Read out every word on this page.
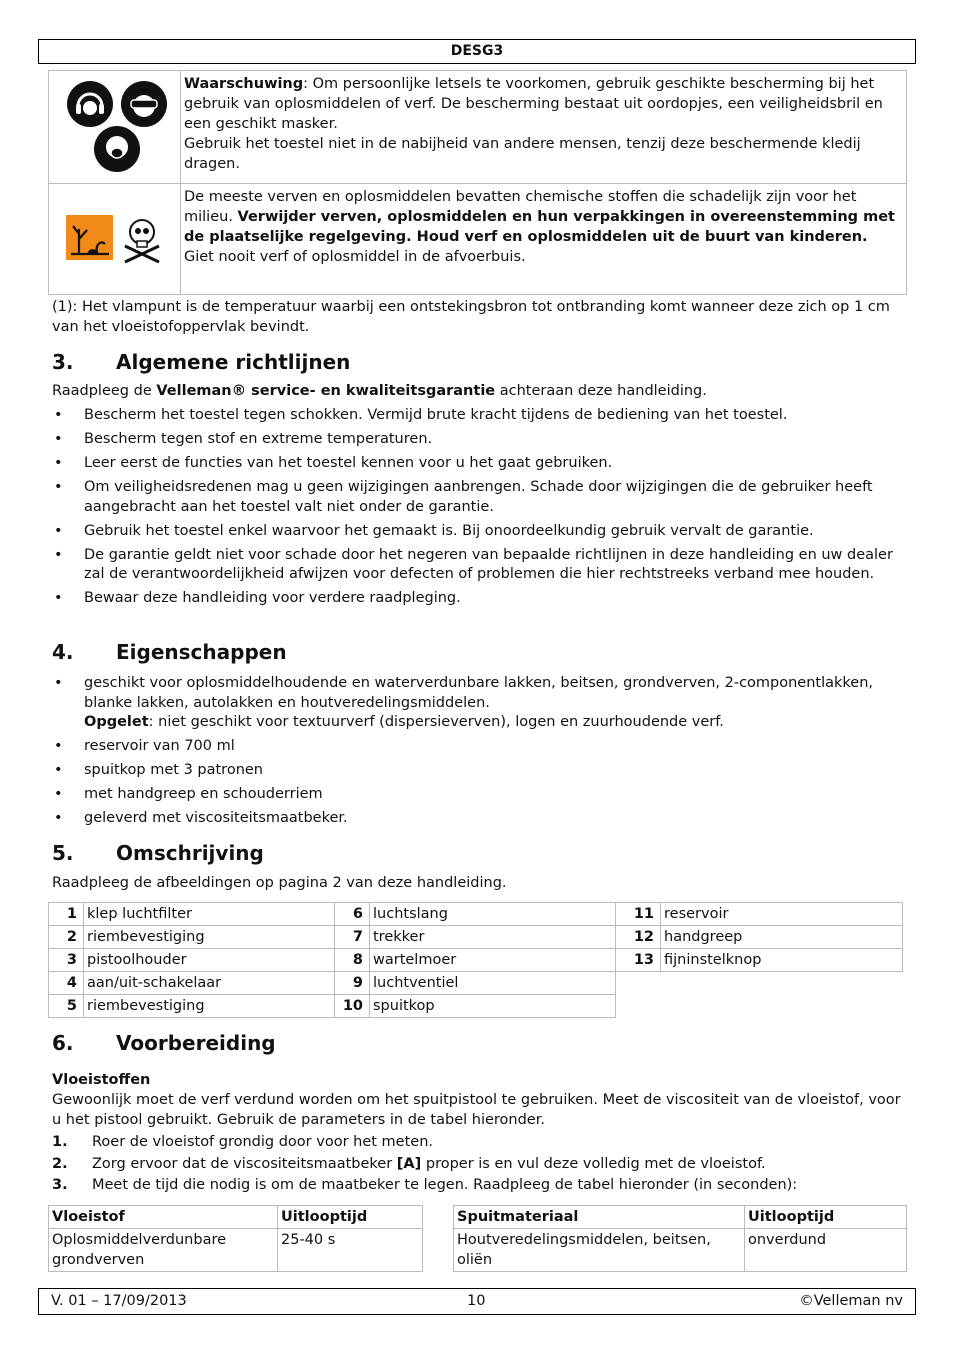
DESG3
	Waarschuwing: Om persoonlijke letsels te voorkomen, gebruik geschikte bescherming bij het gebruik van oplosmiddelen of verf. De bescherming bestaat uit oordopjes, een veiligheidsbril en een geschikt masker.
Gebruik het toestel niet in de nabijheid van andere mensen, tenzij deze beschermende kledij dragen.
	De meeste verven en oplosmiddelen bevatten chemische stoffen die schadelijk zijn voor het milieu. Verwijder verven, oplosmiddelen en hun verpakkingen in overeenstemming met de plaatselijke regelgeving. Houd verf en oplosmiddelen uit de buurt van kinderen.
Giet nooit verf of oplosmiddel in de afvoerbuis.

(1): Het vlampunt is de temperatuur waarbij een ontstekingsbron tot ontbranding komt wanneer deze zich op 1 cm van het vloeistofoppervlak bevindt.

3. Algemene richtlijnen

Raadpleeg de Velleman® service- en kwaliteitsgarantie achteraan deze handleiding.

• Bescherm het toestel tegen schokken. Vermijd brute kracht tijdens de bediening van het toestel.
• Bescherm tegen stof en extreme temperaturen.
• Leer eerst de functies van het toestel kennen voor u het gaat gebruiken.
• Om veiligheidsredenen mag u geen wijzigingen aanbrengen. Schade door wijzigingen die de gebruiker heeft aangebracht aan het toestel valt niet onder de garantie.
• Gebruik het toestel enkel waarvoor het gemaakt is. Bij onoordeelkundig gebruik vervalt de garantie.
• De garantie geldt niet voor schade door het negeren van bepaalde richtlijnen in deze handleiding en uw dealer zal de verantwoordelijkheid afwijzen voor defecten of problemen die hier rechtstreeks verband mee houden.
• Bewaar deze handleiding voor verdere raadpleging.
4. Eigenschappen
• geschikt voor oplosmiddelhoudende en waterverdunbare lakken, beitsen, grondverven, 2-componentlakken, blanke lakken, autolakken en houtveredelingsmiddelen.
Opgelet: niet geschikt voor textuurverf (dispersieverven), logen en zuurhoudende verf.
• reservoir van 700 ml
• spuitkop met 3 patronen
• met handgreep en schouderriem
• geleverd met viscositeitsmaatbeker.
5. Omschrijving

Raadpleeg de afbeeldingen op pagina 2 van deze handleiding.

1	klep luchtfilter	6	luchtslang	11	reservoir
2	riembevestiging	7	trekker	12	handgreep
3	pistoolhouder	8	wartelmoer	13	fijninstelknop
4	aan/uit-schakelaar	9	luchtventiel		
5	riembevestiging	10	spuitkop		
6. Voorbereiding

Vloeistoffen

Gewoonlijk moet de verf verdund worden om het spuitpistool te gebruiken. Meet de viscositeit van de vloeistof, voor u het pistool gebruikt. Gebruik de parameters in de tabel hieronder.

1. Roer de vloeistof grondig door voor het meten.
2. Zorg ervoor dat de viscositeitsmaatbeker [A] proper is en vul deze volledig met de vloeistof.
3. Meet de tijd die nodig is om de maatbeker te legen. Raadpleeg de tabel hieronder (in seconden):
Vloeistof	Uitlooptijd
Oplosmiddelverdunbare grondverven	25-40 s
Spuitmateriaal	Uitlooptijd
Houtveredelingsmiddelen, beitsen, oliën	onverdund
V. 01 – 17/09/2013	10	©Velleman nv
